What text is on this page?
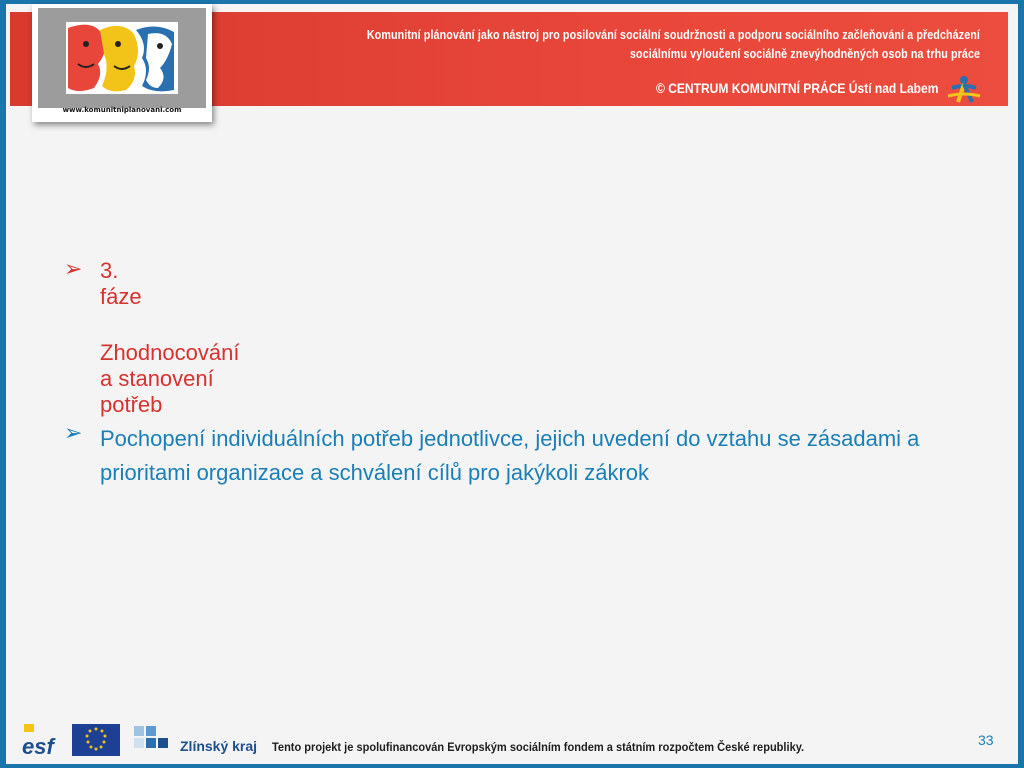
Komunitní plánování jako nástroj pro posilování sociální soudržnosti a podporu sociálního začleňování a předcházení
sociálnímu vyloučení sociálně znevýhodněných osob na trhu práce
© CENTRUM KOMUNITNÍ PRÁCE Ústí nad Labem
www.komunitniplanovani.com
➢ 3. fáze
Zhodnocování a stanovení potřeb
➢ Pochopení individuálních potřeb jednotlivce, jejich uvedení do vztahu se zásadami a prioritami organizace a schválení cílů pro jakýkoli zákrok
esf	Zlínský kraj Tento projekt je spolufinancován Evropským sociálním fondem a státním rozpočtem České republiky.	33
